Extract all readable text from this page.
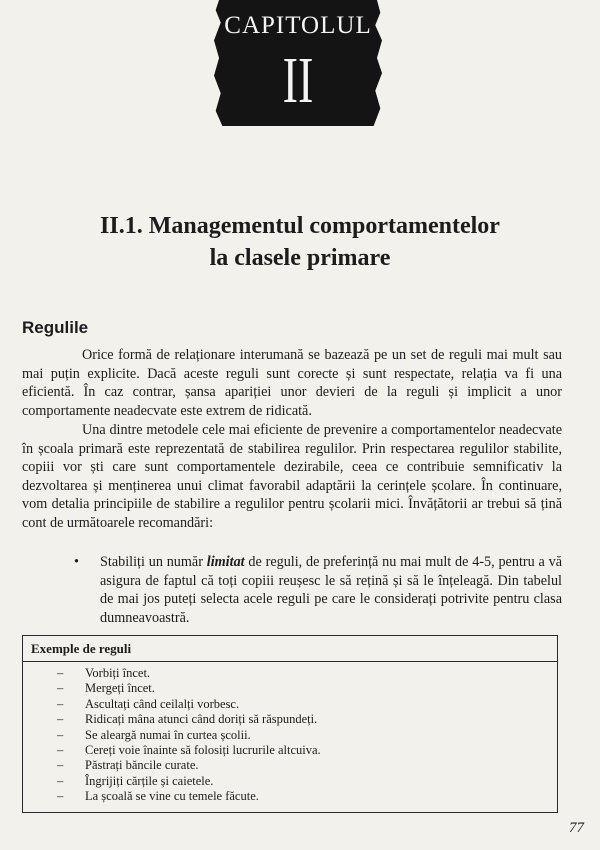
CAPITOLUL
II
II.1. Managementul comportamentelor
la clasele primare
Regulile

Orice formă de relaționare interumană se bazează pe un set de reguli mai mult sau mai puțin explicite. Dacă aceste reguli sunt corecte și sunt respectate, relația va fi una eficientă. În caz contrar, șansa apariției unor devieri de la reguli și implicit a unor comportamente neadecvate este extrem de ridicată.

Una dintre metodele cele mai eficiente de prevenire a comportamentelor neadecvate în școala primară este reprezentată de stabilirea regulilor. Prin respectarea regulilor stabilite, copiii vor ști care sunt comportamentele dezirabile, ceea ce contribuie semnificativ la dezvoltarea și menținerea unui climat favorabil adaptării la cerințele școlare. În continuare, vom detalia principiile de stabilire a regulilor pentru școlarii mici. Învățătorii ar trebui să țină cont de următoarele recomandări:

• Stabiliți un număr limitat de reguli, de preferință nu mai mult de 4-5, pentru a vă asigura de faptul că toți copiii reușesc le să rețină și să le înțeleagă. Din tabelul de mai jos puteți selecta acele reguli pe care le considerați potrivite pentru clasa dumneavoastră.
Exemple de reguli
– Vorbiți încet.
– Mergeți încet.
– Ascultați când ceilalți vorbesc.
– Ridicați mâna atunci când doriți să răspundeți.
– Se aleargă numai în curtea școlii.
– Cereți voie înainte să folosiți lucrurile altcuiva.
– Păstrați băncile curate.
– Îngrijiți cărțile și caietele.
– La școală se vine cu temele făcute.
77
